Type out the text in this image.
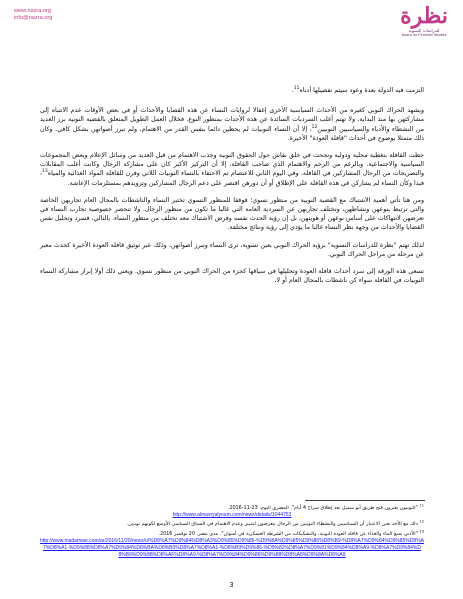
www.nazra.org
info@nazra.org	نظرة
للدراسات النسوية
Nazra for Feminist Studies

التزمت فيه الدولة بعدة وعود سيتم تفصيلها أدناه$^{11}$.

ويشهد الحراك النوبي كغيره من الأحداث السياسية الأخرى إغفالا لروايات النساء عن هذه القضايا والأحداث أو في بعض الأوقات عدم الانتباه إلى مشاركتهن بها منذ البداية، ولا تهتم أغلب السرديات السائدة عن هذه الأحداث بمنظور النوع. فخلال العمل الطويل المتعلق بالقضية النوبية برز العديد من النشطاء والأدباء والسياسيين النوبيين$^{12}$، إلا أن النساء النوبيات لم يحظين دائما بنفس القدر من الاهتمام، ولم تبرز أصواتهن بشكل كافي. وكان ذلك متمثلا بوضوح في أحداث "قافلة العودة" الأخيرة.

حظت القافلة بتغطية محلية ودولية ونجحت في خلق نقاش حول الحقوق النوبية وجذب الاهتمام من قبل العديد من وسائل الإعلام وبعض المجموعات السياسية والاجتماعية. وبالرغم من الزخم والاهتمام الذي صاحب القافلة، إلا أن التركيز الأكبر كان على مشاركة الرجال وكانت أغلب المقابلات والتصريحات من الرجال المشاركين في القافلة. وفي اليوم الثاني للاعتصام تم الاحتفاء بالنساء النوبيات اللاتي وفرن للقافلة المواد الغذائية والمياه$^{13}$، فبدا وكأن النساء لم يشاركن في هذه القافلة على الإطلاق أو أن دورهن اقتصر على دعم الرجال المشاركين وتزويدهم بمستلزمات الإعاشة.

ومن هنا تأتي أهمية الاشتباك مع القضية النوبية من منظور نسوي؛ فوفقا للمنظور النسوي تختبر النساء والناشطات بالمجال العام تجاربهن الخاصة والتي ترتبط بنوعهن ونشاطهن، وتختلف تجاربهن عن السردية العامة التي غالبا ما تكون من منظور الرجال. ولا تنحصر خصوصية تجارب النساء في تعرضهن لانتهاكات على أساس نوعهن أو هويتهن، بل إن رؤية الحدث نفسه وفرض الاشتباك معه تختلف من منظور النساء. بالتالي، فسرد وتحليل نفس القضايا والأحداث من وجهة نظر النساء غالبا ما يؤدي إلى رؤية ونتائج مختلفة.

لذلك تهتم "نظرة للدراسات النسوية" برؤية الحراك النوبي بعين نسوية، ترى النساء وتبرز أصواتهن، وذلك عبر توثيق قافلة العودة الأخيرة كحدث معبر عن مرحلة من مراحل الحراك النوبي.

تسعى هذه الورقة إلى سرد أحداث قافلة العودة وتحليلها في سياقها كجزء من الحراك النوبي من منظور نسوي. ويعني ذلك أولا إبراز مشاركة النساء النوبيات في القافلة سواء كن ناشطات بالمجال العام أو لا،

$^{11}$ "النوبيون يعبرون فتح طريق أبو سمبل بعد إطلاق سراح 4 أيام". المصري اليوم. 23-11-2016.
http://www.almasryalyoum.com/news/details/1044753
$^{12}$ ذلك مع الأخذ بعين الاعتبار أن السياسيين والنشطاء النوبيين من الرجال يتعرضون لتمييز وعدم الاهتمام في السياق السياسي الأوسع لكونهم نوبيين.
$^{13}$ "الأدنى يمنع الماء والغذاء عن قافلة العودة النوبية، والتشكيكات من الشرطة العسكرية في أسوان". مدى مصر. 20 نوفمبر 2016.
http://www.madamasr.com/ar/2016/11/20/news/u/%D8%A7%D9%84%D8%A3%D9%85%D9%86-%D9%8A%D9%85%D9%86%D8%B9-%D8%A7%D9%84%D9%85%D8%A7%D8%A1-%D9%88%D8%A7%D9%84%D8%BA%D8%B0%D8%A7%D8%A1-%D8%B9%D9%86-%D9%82%D8%A7%D9%81%D9%84%D8%A9-%D8%A7%D9%84%D8%B9%D9%88%D8%AF%D8%A9-%D8%A7%D9%84%D9%86%D9%88%D8%A8%D9%8A%D8%A9
3
